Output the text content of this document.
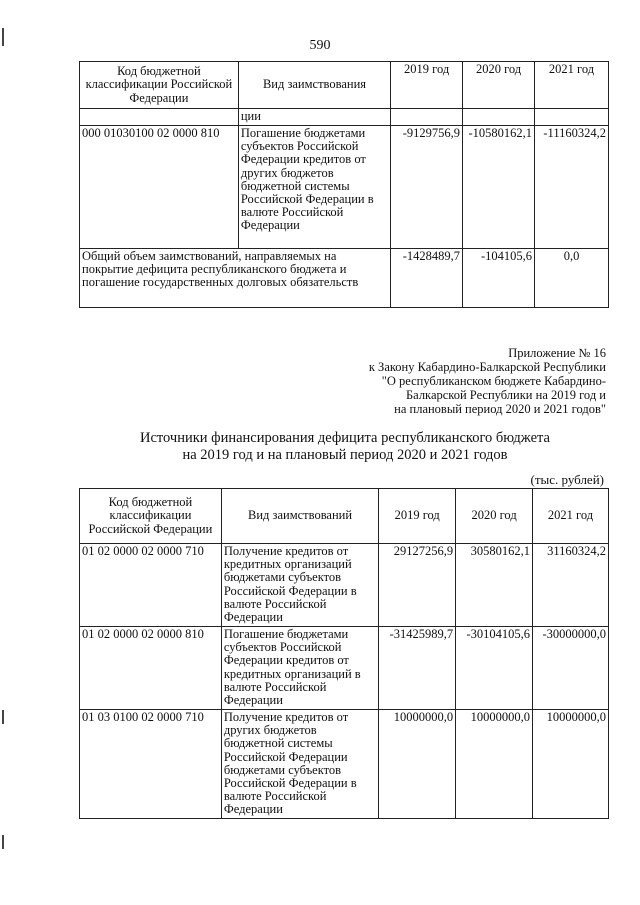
590
Код бюджетной классификации Российской Федерации	Вид заимствования	2019 год	2020 год	2021 год
	ции			
000 01030100 02 0000 810	Погашение бюджетами субъектов Российской Федерации кредитов от других бюджетов бюджетной системы Российской Федерации в валюте Российской Федерации	-9129756,9	-10580162,1	-11160324,2
Общий объем заимствований, направляемых на покрытие дефицита республиканского бюджета и погашение государственных долговых обязательств		-1428489,7	-104105,6	0,0
Приложение № 16
к Закону Кабардино-Балкарской Республики
"О республиканском бюджете Кабардино-
Балкарской Республики на 2019 год и
на плановый период 2020 и 2021 годов"
Источники финансирования дефицита республиканского бюджета
на 2019 год и на плановый период 2020 и 2021 годов
(тыс. рублей)
Код бюджетной классификации Российской Федерации	Вид заимствований	2019 год	2020 год	2021 год
01 02 0000 02 0000 710	Получение кредитов от кредитных организаций бюджетами субъектов Российской Федерации в валюте Российской Федерации	29127256,9	30580162,1	31160324,2
01 02 0000 02 0000 810	Погашение бюджетами субъектов Российской Федерации кредитов от кредитных организаций в валюте Российской Федерации	-31425989,7	-30104105,6	-30000000,0
01 03 0100 02 0000 710	Получение кредитов от других бюджетов бюджетной системы Российской Федерации бюджетами субъектов Российской Федерации в валюте Российской Федерации	10000000,0	10000000,0	10000000,0
